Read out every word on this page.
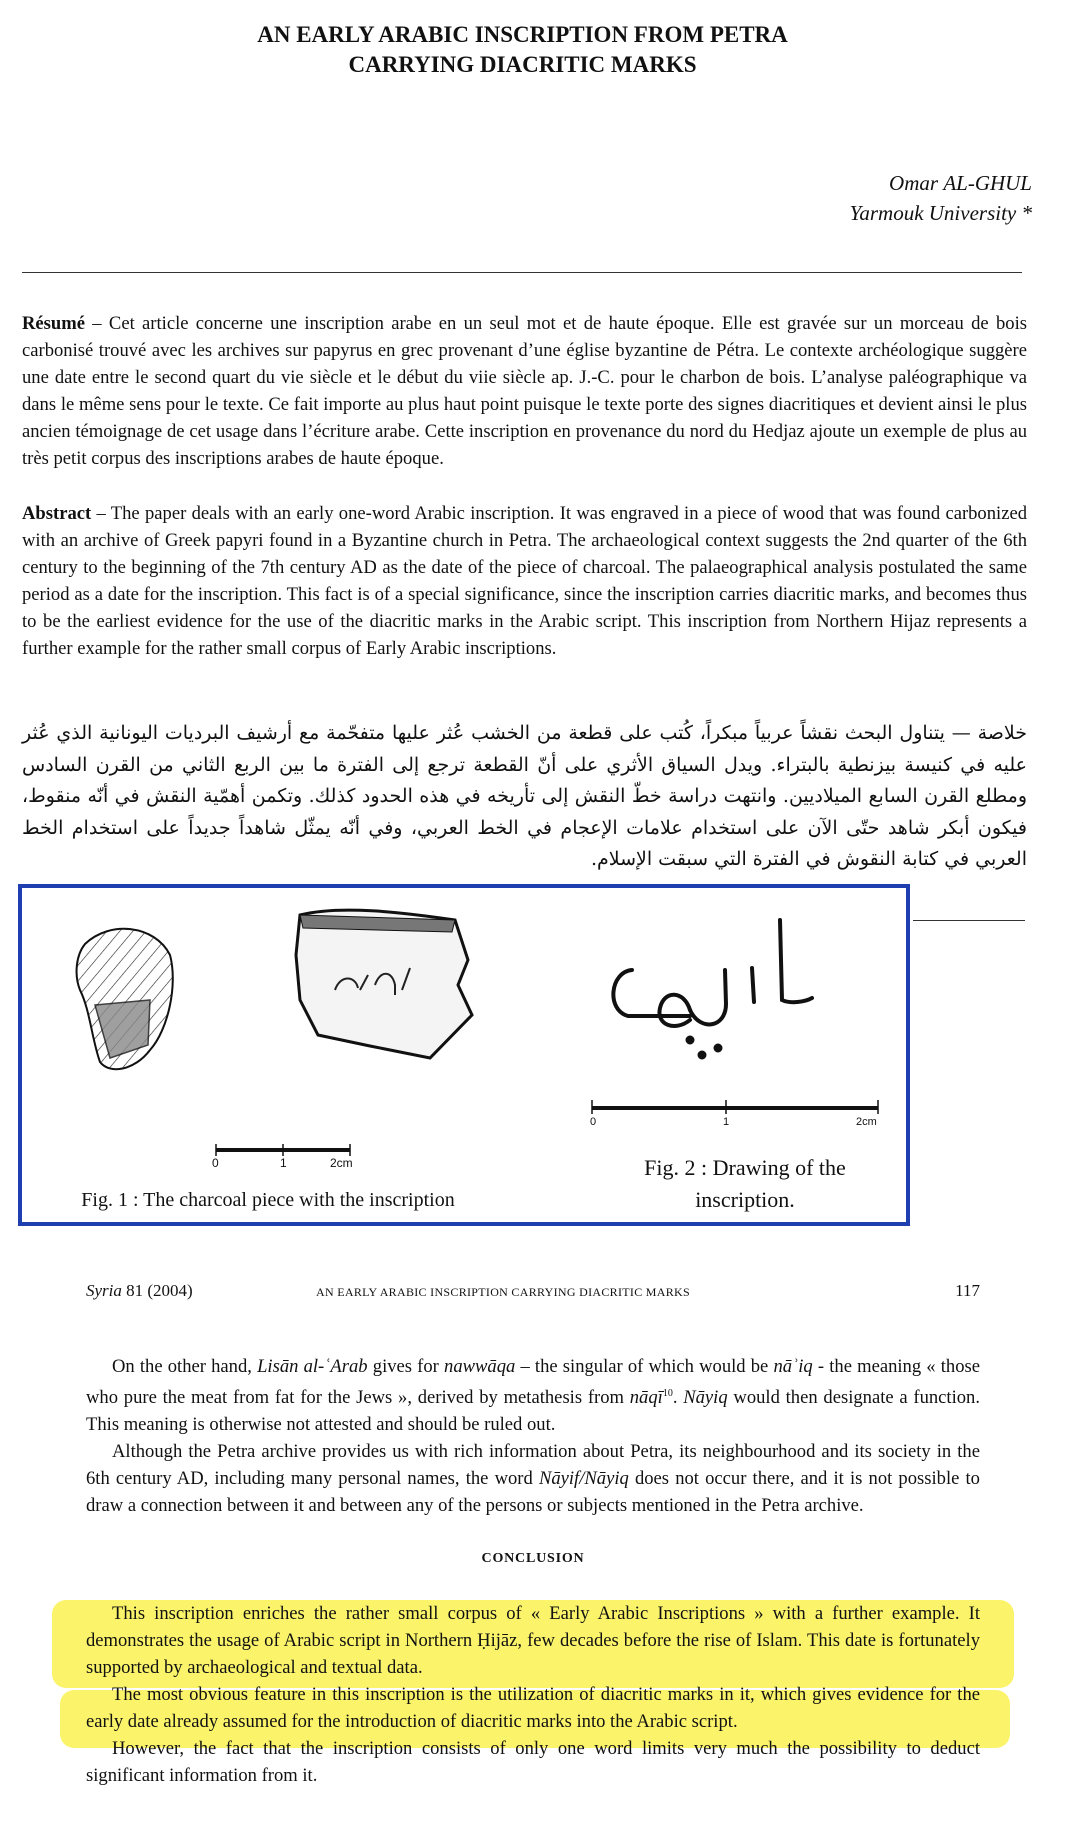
AN EARLY ARABIC INSCRIPTION FROM PETRA
CARRYING DIACRITIC MARKS
Omar AL-GHUL
Yarmouk University *
Résumé – Cet article concerne une inscription arabe en un seul mot et de haute époque. Elle est gravée sur un morceau de bois carbonisé trouvé avec les archives sur papyrus en grec provenant d’une église byzantine de Pétra. Le contexte archéologique suggère une date entre le second quart du vie siècle et le début du viie siècle ap. J.-C. pour le charbon de bois. L’analyse paléographique va dans le même sens pour le texte. Ce fait importe au plus haut point puisque le texte porte des signes diacritiques et devient ainsi le plus ancien témoignage de cet usage dans l’écriture arabe. Cette inscription en provenance du nord du Hedjaz ajoute un exemple de plus au très petit corpus des inscriptions arabes de haute époque.
Abstract – The paper deals with an early one-word Arabic inscription. It was engraved in a piece of wood that was found carbonized with an archive of Greek papyri found in a Byzantine church in Petra. The archaeological context suggests the 2nd quarter of the 6th century to the beginning of the 7th century AD as the date of the piece of charcoal. The palaeographical analysis postulated the same period as a date for the inscription. This fact is of a special significance, since the inscription carries diacritic marks, and becomes thus to be the earliest evidence for the use of the diacritic marks in the Arabic script. This inscription from Northern Hijaz represents a further example for the rather small corpus of Early Arabic inscriptions.
خلاصة — يتناول البحث نقشاً عربياً مبكراً، كُتب على قطعة من الخشب عُثر عليها متفحّمة مع أرشيف البرديات اليونانية الذي عُثر عليه في كنيسة بيزنطية بالبتراء. ويدل السياق الأثري على أنّ القطعة ترجع إلى الفترة ما بين الربع الثاني من القرن السادس ومطلع القرن السابع الميلاديين. وانتهت دراسة خطّ النقش إلى تأريخه في هذه الحدود كذلك. وتكمن أهمّية النقش في أنّه منقوط، فيكون أبكر شاهد حتّى الآن على استخدام علامات الإعجام في الخط العربي، وفي أنّه يمثّل شاهداً جديداً على استخدام الخط العربي في كتابة النقوش في الفترة التي سبقت الإسلام.
0	1	2cm
0	1	2cm
Fig. 1 : The charcoal piece with the inscription
Fig. 2 : Drawing of the
inscription.
Syria 81 (2004)	AN EARLY ARABIC INSCRIPTION CARRYING DIACRITIC MARKS	117

On the other hand, Lisān al-ʿArab gives for nawwāqa – the singular of which would be nāʾiq - the meaning « those who pure the meat from fat for the Jews », derived by metathesis from nāqī$^{10}$. Nāyiq would then designate a function. This meaning is otherwise not attested and should be ruled out.

Although the Petra archive provides us with rich information about Petra, its neighbourhood and its society in the 6th century AD, including many personal names, the word Nāyif/Nāyiq does not occur there, and it is not possible to draw a connection between it and between any of the persons or subjects mentioned in the Petra archive.

CONCLUSION

This inscription enriches the rather small corpus of « Early Arabic Inscriptions » with a further example. It demonstrates the usage of Arabic script in Northern Ḥijāz, few decades before the rise of Islam. This date is fortunately supported by archaeological and textual data.

The most obvious feature in this inscription is the utilization of diacritic marks in it, which gives evidence for the early date already assumed for the introduction of diacritic marks into the Arabic script.

However, the fact that the inscription consists of only one word limits very much the possibility to deduct significant information from it.
